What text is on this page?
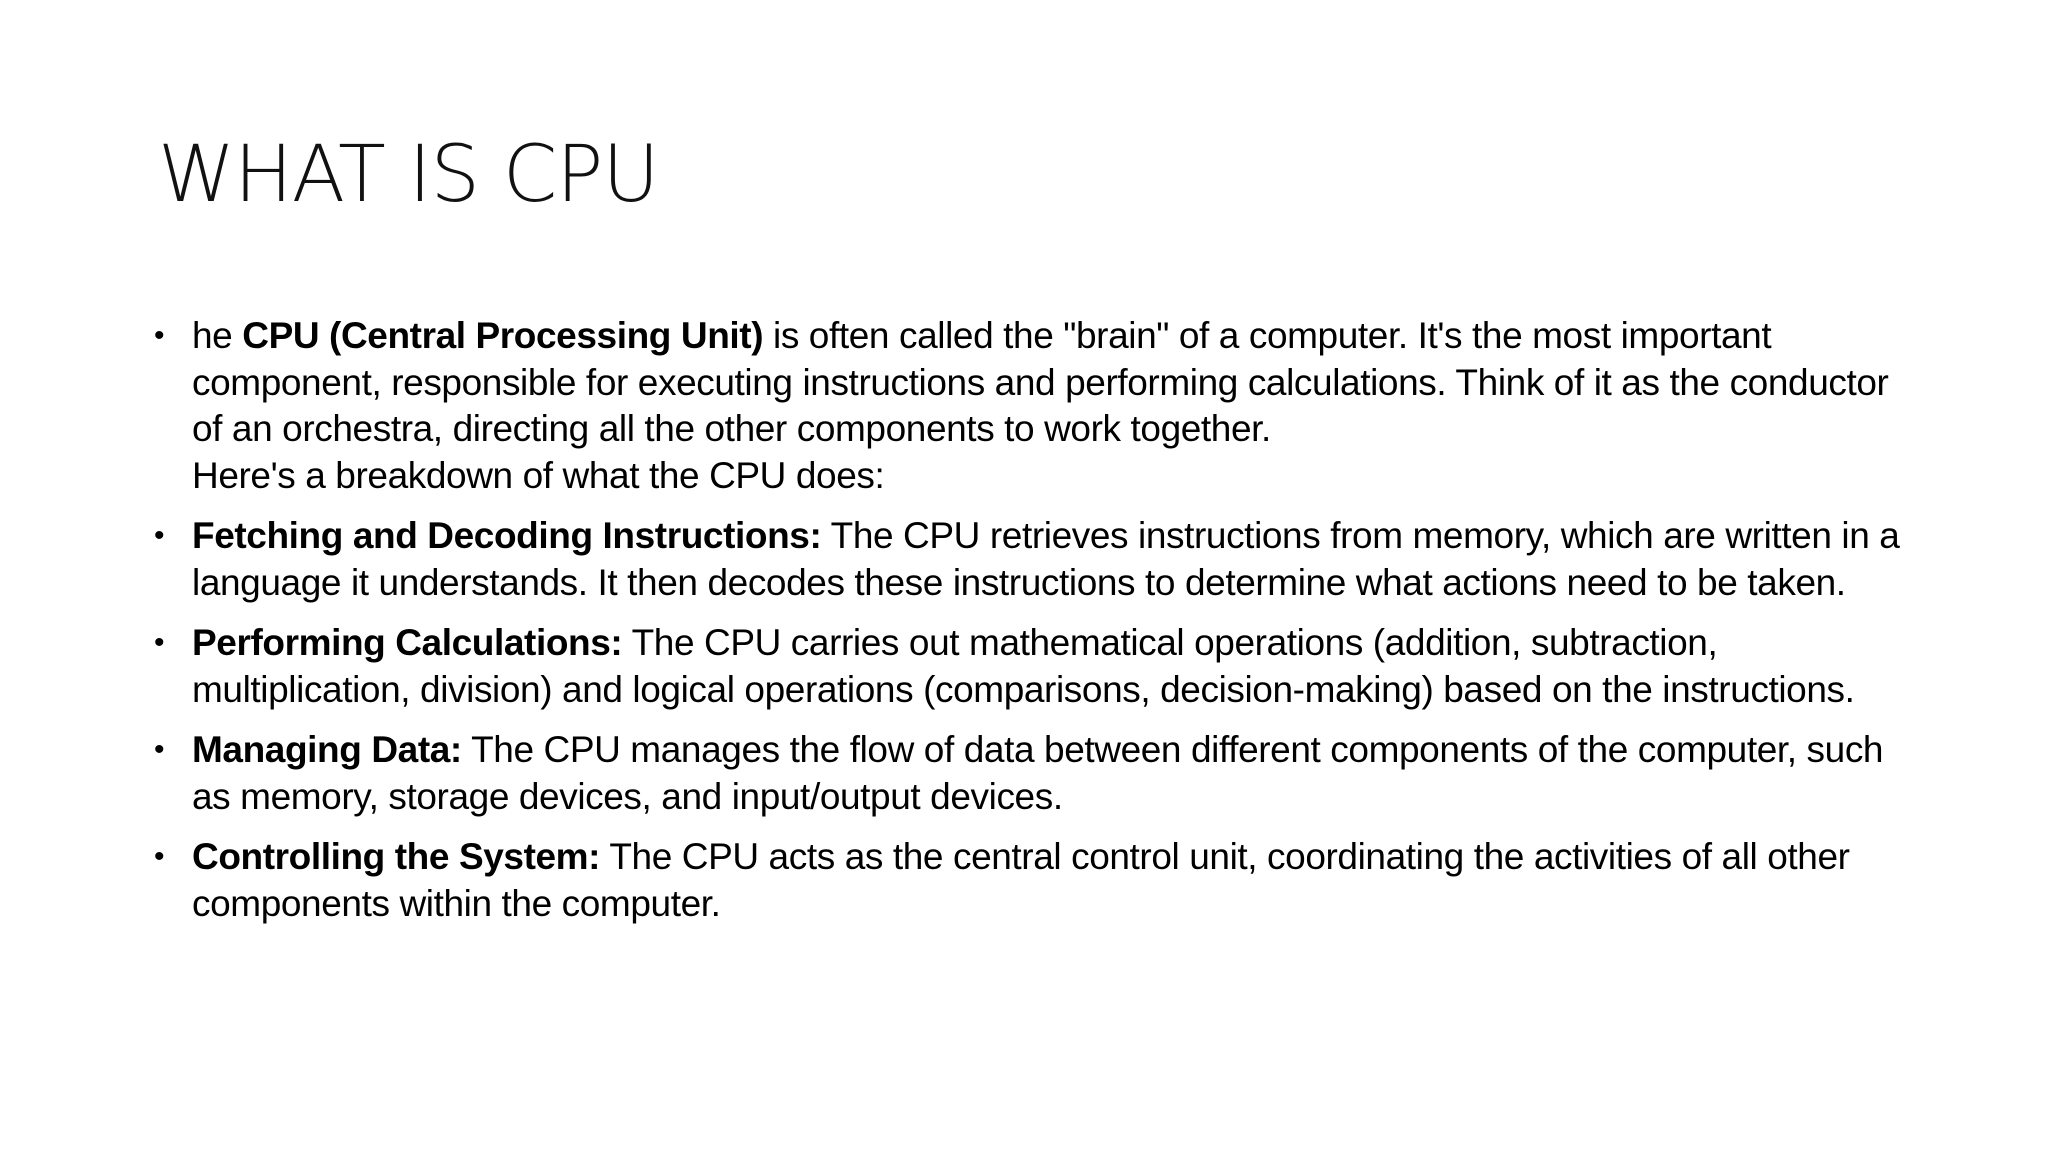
WHAT IS CPU
• he CPU (Central Processing Unit) is often called the "brain" of a computer. It's the most important component, responsible for executing instructions and performing calculations. Think of it as the conductor of an orchestra, directing all the other components to work together.
Here's a breakdown of what the CPU does:
• Fetching and Decoding Instructions: The CPU retrieves instructions from memory, which are written in a language it understands. It then decodes these instructions to determine what actions need to be taken.
• Performing Calculations: The CPU carries out mathematical operations (addition, subtraction, multiplication, division) and logical operations (comparisons, decision-making) based on the instructions.
• Managing Data: The CPU manages the flow of data between different components of the computer, such as memory, storage devices, and input/output devices.
• Controlling the System: The CPU acts as the central control unit, coordinating the activities of all other components within the computer.
